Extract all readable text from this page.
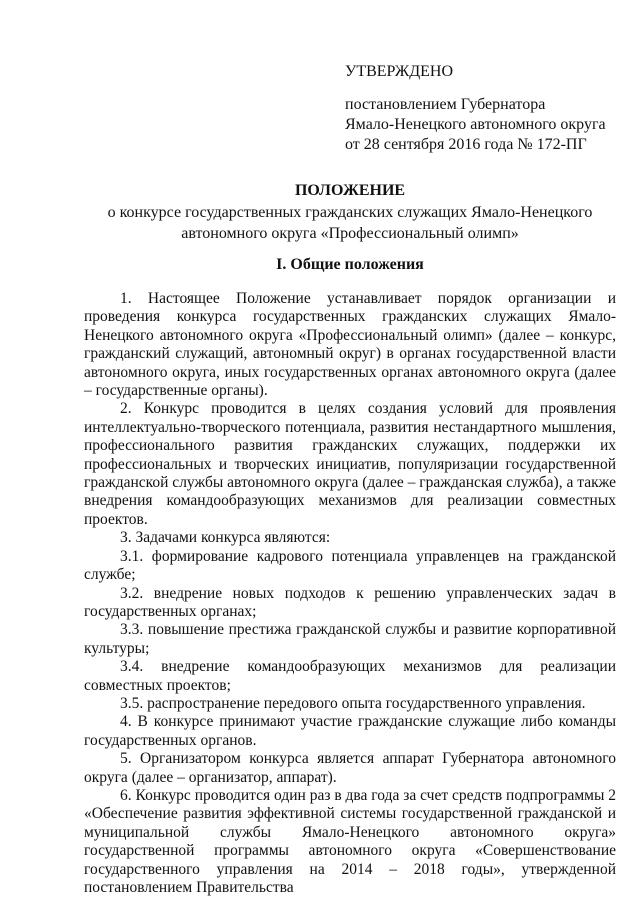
УТВЕРЖДЕНО
постановлением Губернатора
Ямало-Ненецкого автономного округа
от 28 сентября 2016 года № 172-ПГ
ПОЛОЖЕНИЕ
о конкурсе государственных гражданских служащих Ямало-Ненецкого
автономного округа «Профессиональный олимп»
I. Общие положения

1. Настоящее Положение устанавливает порядок организации и проведения конкурса государственных гражданских служащих Ямало-Ненецкого автономного округа «Профессиональный олимп» (далее – конкурс, гражданский служащий, автономный округ) в органах государственной власти автономного округа, иных государственных органах автономного округа (далее – государственные органы).

2. Конкурс проводится в целях создания условий для проявления интеллектуально-творческого потенциала, развития нестандартного мышления, профессионального развития гражданских служащих, поддержки их профессиональных и творческих инициатив, популяризации государственной гражданской службы автономного округа (далее – гражданская служба), а также внедрения командообразующих механизмов для реализации совместных проектов.

3. Задачами конкурса являются:

3.1. формирование кадрового потенциала управленцев на гражданской службе;

3.2. внедрение новых подходов к решению управленческих задач в государственных органах;

3.3. повышение престижа гражданской службы и развитие корпоративной культуры;

3.4. внедрение командообразующих механизмов для реализации совместных проектов;

3.5. распространение передового опыта государственного управления.

4. В конкурсе принимают участие гражданские служащие либо команды государственных органов.

5. Организатором конкурса является аппарат Губернатора автономного округа (далее – организатор, аппарат).

6. Конкурс проводится один раз в два года за счет средств подпрограммы 2 «Обеспечение развития эффективной системы государственной гражданской и муниципальной службы Ямало-Ненецкого автономного округа» государственной программы автономного округа «Совершенствование государственного управления на 2014 – 2018 годы», утвержденной постановлением Правительства
